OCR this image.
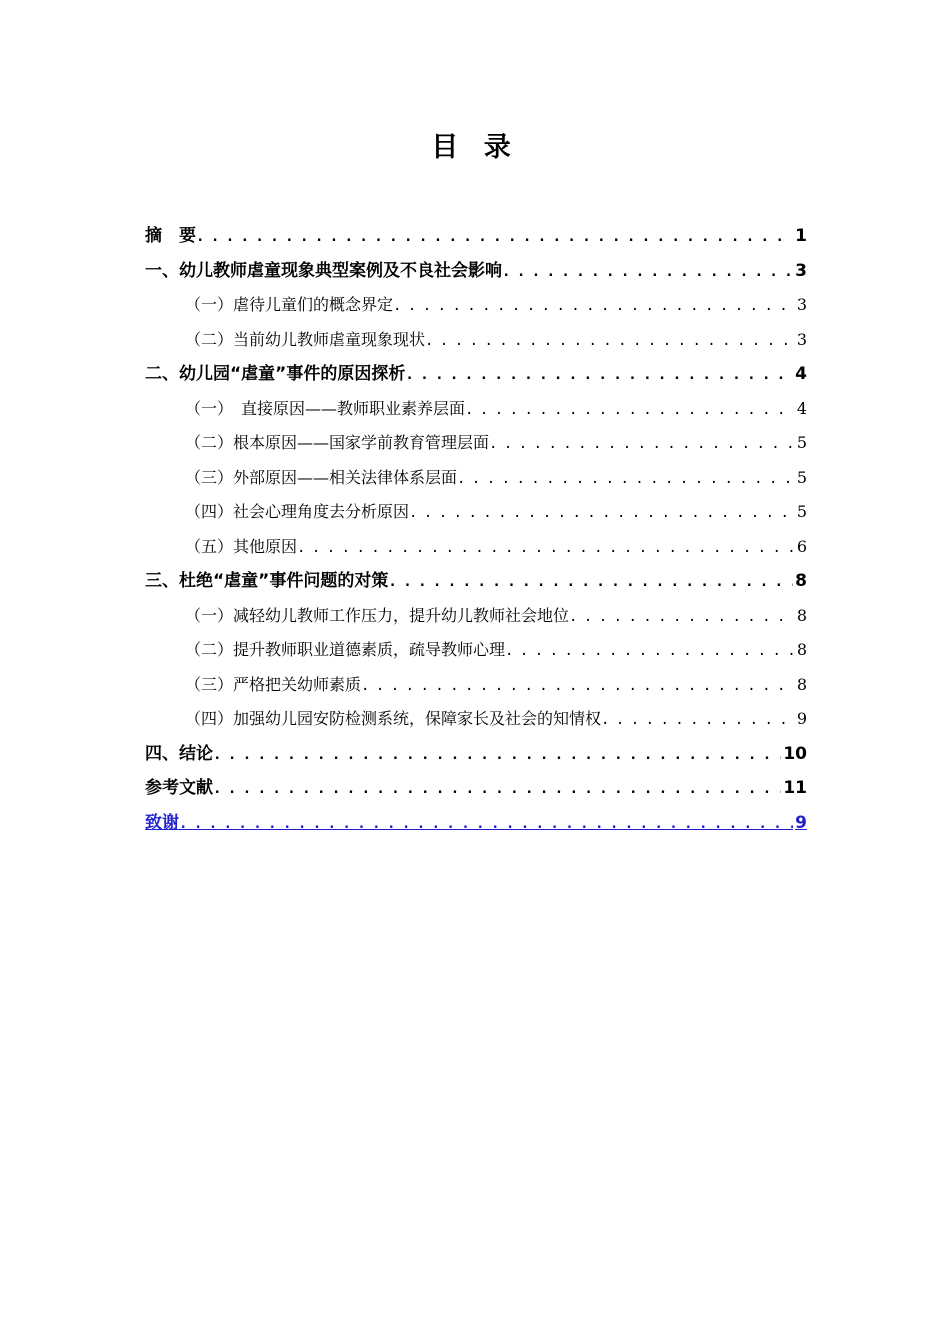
目 录
摘　要 . . .	1
一、幼儿教师虐童现象典型案例及不良社会影响 . . .	3
（一）虐待儿童们的概念界定 . . .	3
（二）当前幼儿教师虐童现象现状 . . .	3
二、幼儿园“虐童”事件的原因探析 . . .	4
（一）　直接原因——教师职业素养层面 . . .	4
（二）根本原因——国家学前教育管理层面 . . .	5
（三）外部原因——相关法律体系层面 . . .	5
（四）社会心理角度去分析原因 . . .	5
（五）其他原因 . . .	6
三、杜绝“虐童”事件问题的对策 . . .	8
（一）减轻幼儿教师工作压力，提升幼儿教师社会地位 . . .	8
（二）提升教师职业道德素质，疏导教师心理 . . .	8
（三）严格把关幼师素质 . . .	8
（四）加强幼儿园安防检测系统，保障家长及社会的知情权 . . .	9
四、结论 . . .	10
参考文献 . . .	11
致谢 . . .	9
